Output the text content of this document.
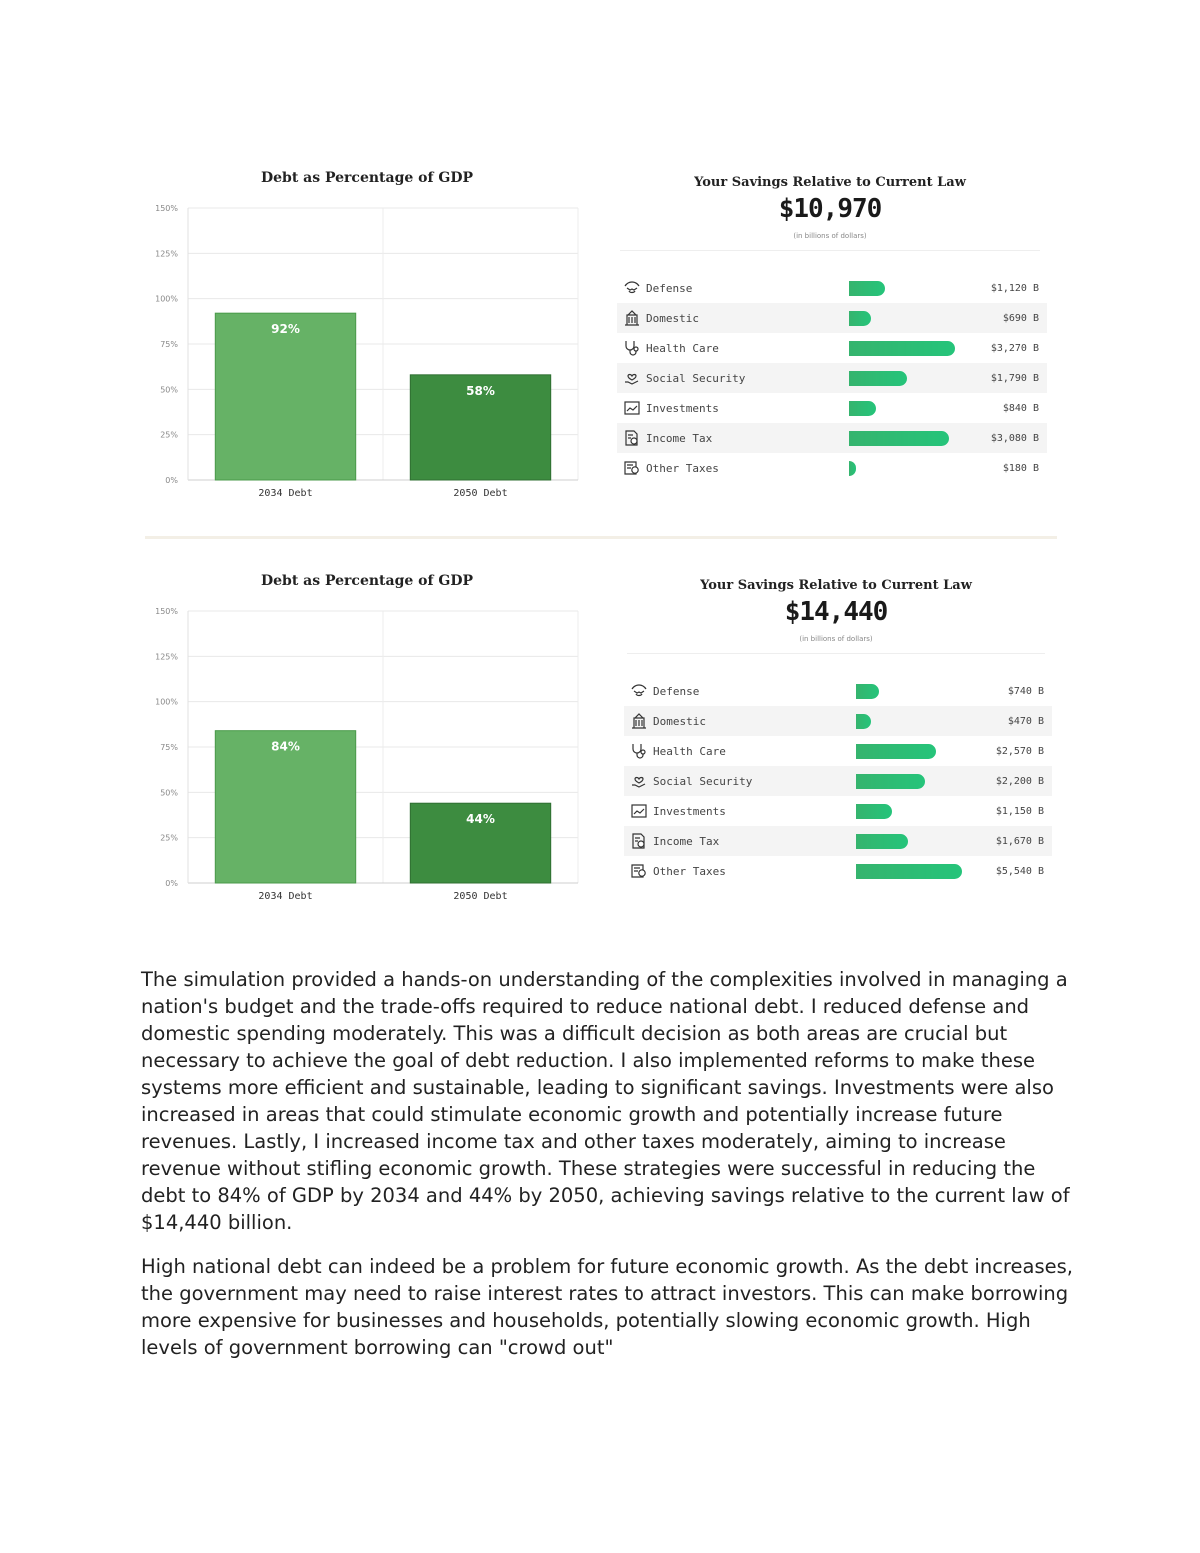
Debt as Percentage of GDP
0%
25%
50%
75%
100%
125%
150%
92%
2034 Debt
58%
2050 Debt
Your Savings Relative to Current Law
$10,970
(in billions of dollars)
Defense	$1,120 B
Domestic	$690 B
Health Care	$3,270 B
Social Security	$1,790 B
Investments	$840 B
Income Tax	$3,080 B
Other Taxes	$180 B
Debt as Percentage of GDP
0%
25%
50%
75%
100%
125%
150%
84%
2034 Debt
44%
2050 Debt
Your Savings Relative to Current Law
$14,440
(in billions of dollars)
Defense	$740 B
Domestic	$470 B
Health Care	$2,570 B
Social Security	$2,200 B
Investments	$1,150 B
Income Tax	$1,670 B
Other Taxes	$5,540 B

The simulation provided a hands-on understanding of the complexities involved in managing a nation's budget and the trade-offs required to reduce national debt. I reduced defense and domestic spending moderately. This was a difficult decision as both areas are crucial but necessary to achieve the goal of debt reduction. I also implemented reforms to make these systems more efficient and sustainable, leading to significant savings. Investments were also increased in areas that could stimulate economic growth and potentially increase future revenues. Lastly, I increased income tax and other taxes moderately, aiming to increase revenue without stifling economic growth. These strategies were successful in reducing the debt to 84% of GDP by 2034 and 44% by 2050, achieving savings relative to the current law of $14,440 billion.

High national debt can indeed be a problem for future economic growth. As the debt increases, the government may need to raise interest rates to attract investors. This can make borrowing more expensive for businesses and households, potentially slowing economic growth. High levels of government borrowing can "crowd out"
